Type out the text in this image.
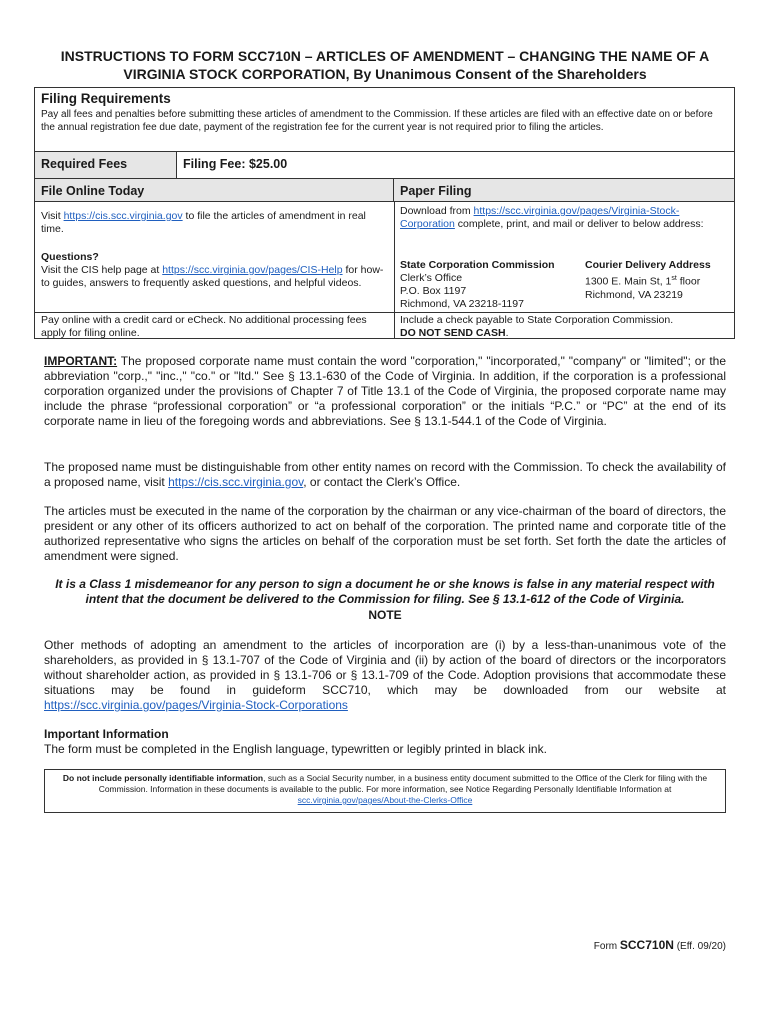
INSTRUCTIONS TO FORM SCC710N – ARTICLES OF AMENDMENT – CHANGING THE NAME OF A
VIRGINIA STOCK CORPORATION, By Unanimous Consent of the Shareholders
Filing Requirements
Pay all fees and penalties before submitting these articles of amendment to the Commission. If these articles are filed with an effective date on or before the annual registration fee due date, payment of the registration fee for the current year is not required prior to filing the articles.
Required Fees	Filing Fee: $25.00
File Online Today	Paper Filing
Visit https://cis.scc.virginia.gov to file the articles of amendment in real time.
Questions?
Visit the CIS help page at https://scc.virginia.gov/pages/CIS-Help for how-to guides, answers to frequently asked questions, and helpful videos.
Pay online with a credit card or eCheck. No additional processing fees apply for filing online.
Download from https://scc.virginia.gov/pages/Virginia-Stock-Corporation complete, print, and mail or deliver to below address:
State Corporation Commission
Clerk’s Office
P.O. Box 1197
Richmond, VA 23218-1197
Courier Delivery Address
1300 E. Main St, 1st floor
Richmond, VA 23219
Include a check payable to State Corporation Commission.
DO NOT SEND CASH.
IMPORTANT: The proposed corporate name must contain the word "corporation," "incorporated," "company" or "limited"; or the abbreviation "corp.," "inc.," "co." or "ltd." See § 13.1-630 of the Code of Virginia. In addition, if the corporation is a professional corporation organized under the provisions of Chapter 7 of Title 13.1 of the Code of Virginia, the proposed corporate name may include the phrase “professional corporation” or “a professional corporation” or the initials “P.C.” or “PC” at the end of its corporate name in lieu of the foregoing words and abbreviations. See § 13.1-544.1 of the Code of Virginia.
The proposed name must be distinguishable from other entity names on record with the Commission. To check the availability of a proposed name, visit https://cis.scc.virginia.gov, or contact the Clerk’s Office.
The articles must be executed in the name of the corporation by the chairman or any vice-chairman of the board of directors, the president or any other of its officers authorized to act on behalf of the corporation. The printed name and corporate title of the authorized representative who signs the articles on behalf of the corporation must be set forth. Set forth the date the articles of amendment were signed.
It is a Class 1 misdemeanor for any person to sign a document he or she knows is false in any material respect with intent that the document be delivered to the Commission for filing. See § 13.1-612 of the Code of Virginia.
NOTE
Other methods of adopting an amendment to the articles of incorporation are (i) by a less-than-unanimous vote of the shareholders, as provided in § 13.1-707 of the Code of Virginia and (ii) by action of the board of directors or the incorporators without shareholder action, as provided in § 13.1-706 or § 13.1-709 of the Code. Adoption provisions that accommodate these situations may be found in guideform SCC710, which may be downloaded from our website at https://scc.virginia.gov/pages/Virginia-Stock-Corporations
Important Information
The form must be completed in the English language, typewritten or legibly printed in black ink.
Do not include personally identifiable information, such as a Social Security number, in a business entity document submitted to the Office of the Clerk for filing with the Commission. Information in these documents is available to the public. For more information, see Notice Regarding Personally Identifiable Information at scc.virginia.gov/pages/About-the-Clerks-Office
Form SCC710N (Eff. 09/20)
